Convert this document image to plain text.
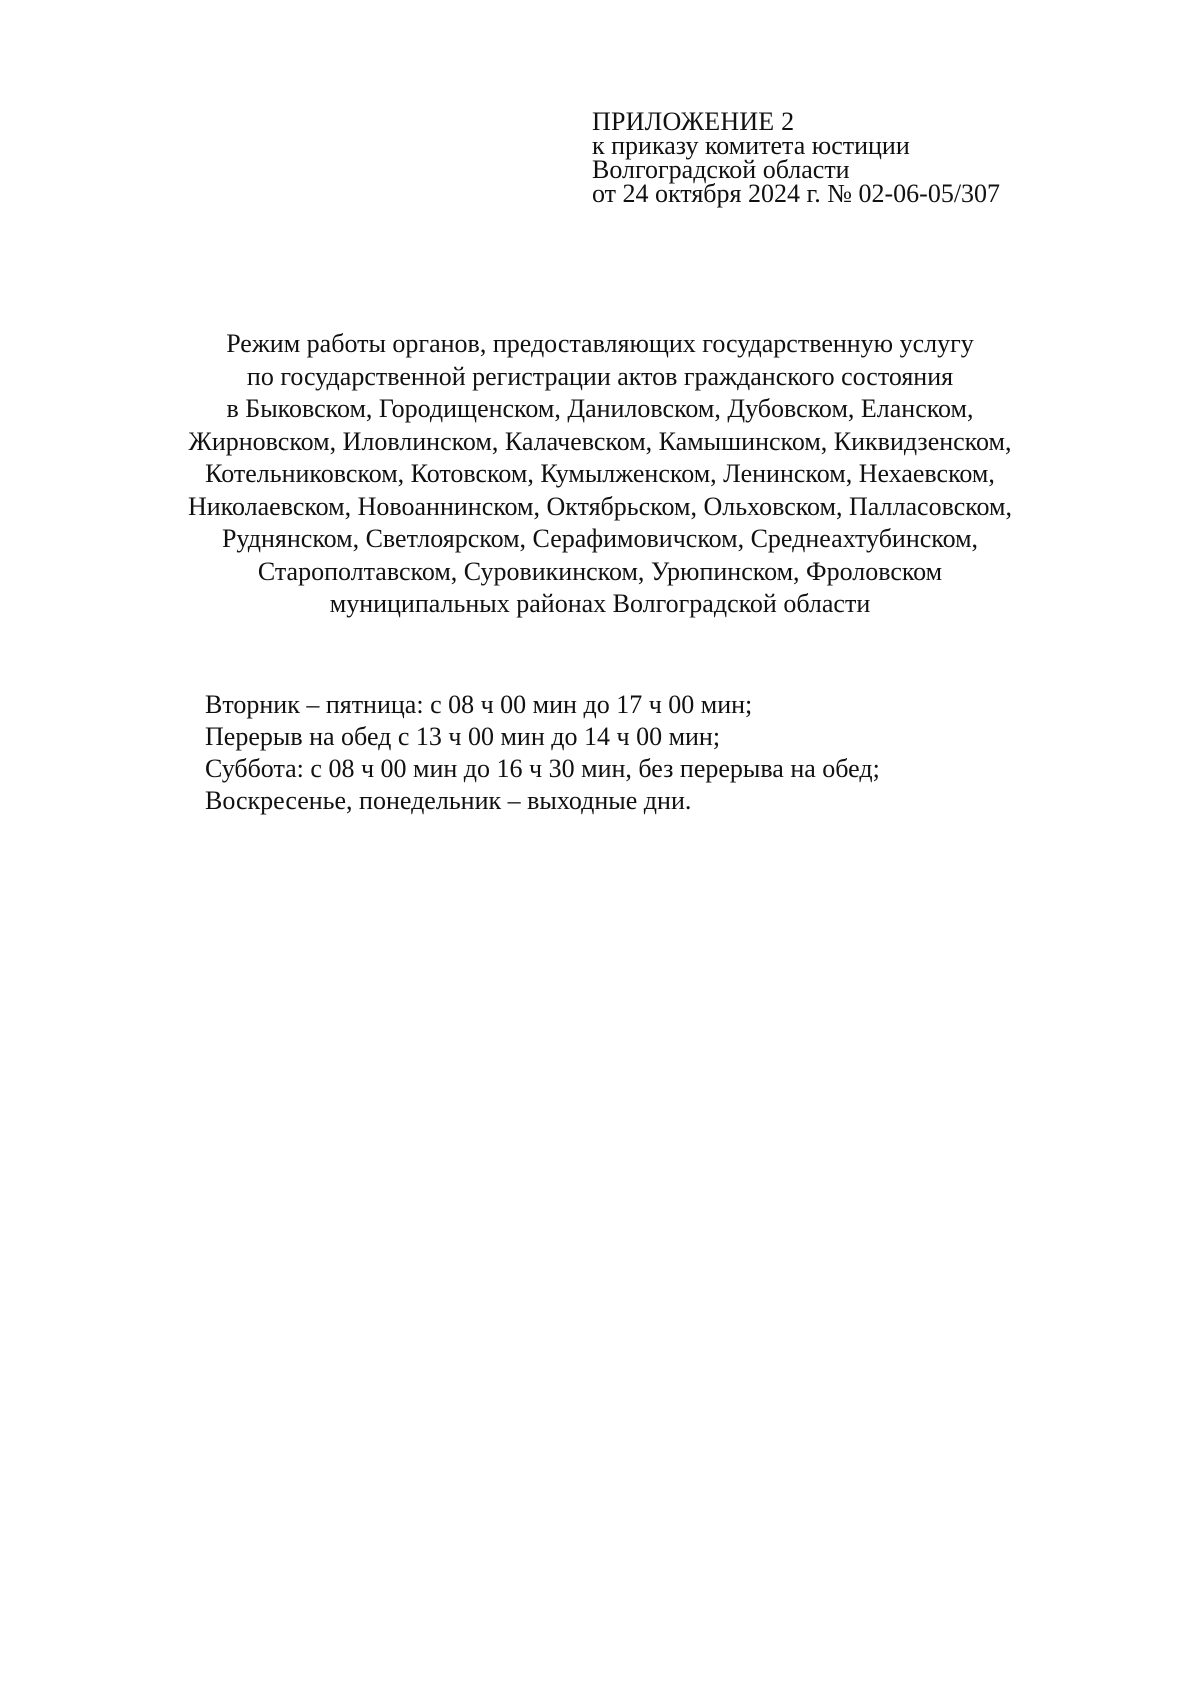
ПРИЛОЖЕНИЕ 2
к приказу комитета юстиции
Волгоградской области
от 24 октября 2024 г. № 02-06-05/307
Режим работы органов, предоставляющих государственную услугу
по государственной регистрации актов гражданского состояния
в Быковском, Городищенском, Даниловском, Дубовском, Еланском,
Жирновском, Иловлинском, Калачевском, Камышинском, Киквидзенском,
Котельниковском, Котовском, Кумылженском, Ленинском, Нехаевском,
Николаевском, Новоаннинском, Октябрьском, Ольховском, Палласовском,
Руднянском, Светлоярском, Серафимовичском, Среднеахтубинском,
Старополтавском, Суровикинском, Урюпинском, Фроловском
муниципальных районах Волгоградской области
Вторник – пятница: с 08 ч 00 мин до 17 ч 00 мин;
Перерыв на обед с 13 ч 00 мин до 14 ч 00 мин;
Суббота: с 08 ч 00 мин до 16 ч 30 мин, без перерыва на обед;
Воскресенье, понедельник – выходные дни.
